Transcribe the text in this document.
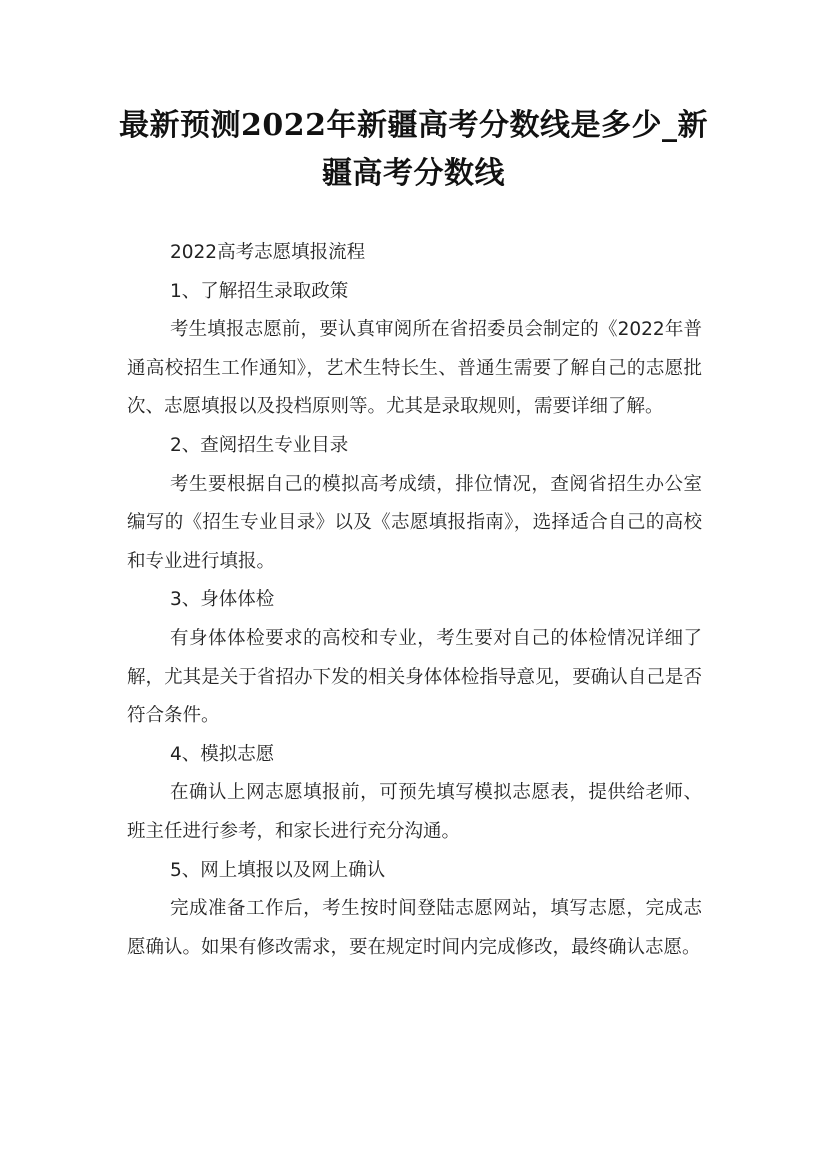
最新预测2022年新疆高考分数线是多少_新疆高考分数线

2022高考志愿填报流程

1、了解招生录取政策

考生填报志愿前，要认真审阅所在省招委员会制定的《2022年普通高校招生工作通知》，艺术生特长生、普通生需要了解自己的志愿批次、志愿填报以及投档原则等。尤其是录取规则，需要详细了解。

2、查阅招生专业目录

考生要根据自己的模拟高考成绩，排位情况，查阅省招生办公室编写的《招生专业目录》以及《志愿填报指南》，选择适合自己的高校和专业进行填报。

3、身体体检

有身体体检要求的高校和专业，考生要对自己的体检情况详细了解，尤其是关于省招办下发的相关身体体检指导意见，要确认自己是否符合条件。

4、模拟志愿

在确认上网志愿填报前，可预先填写模拟志愿表，提供给老师、班主任进行参考，和家长进行充分沟通。

5、网上填报以及网上确认

完成准备工作后，考生按时间登陆志愿网站，填写志愿，完成志愿确认。如果有修改需求，要在规定时间内完成修改，最终确认志愿。
